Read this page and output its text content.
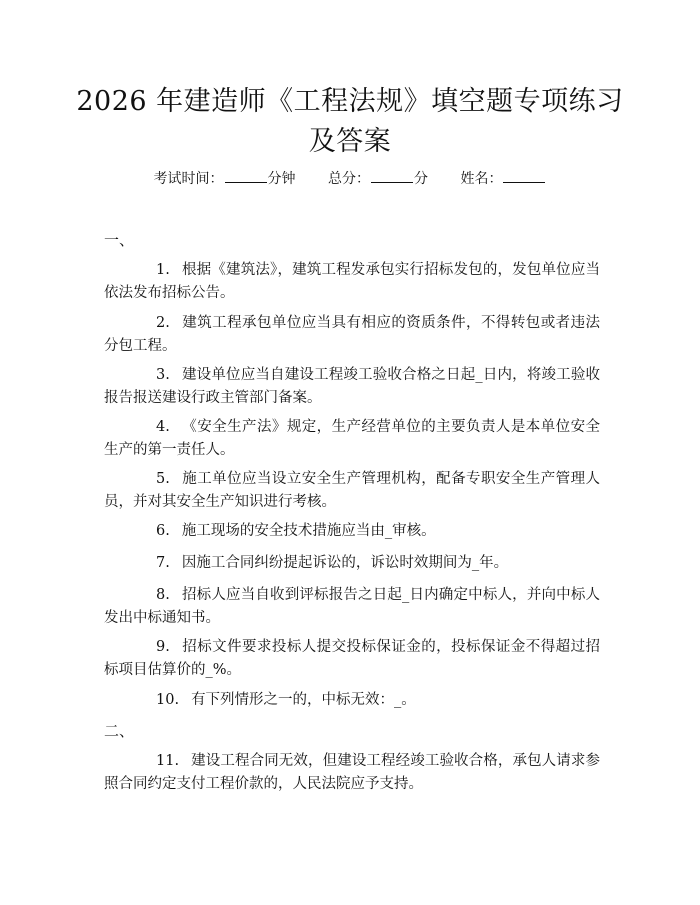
2026 年建造师《工程法规》填空题专项练习及答案
考试时间：	分钟 总分：	分 姓名：
一、

1. 根据《建筑法》，建筑工程发承包实行招标发包的，发包单位应当依法发布招标公告。

2. 建筑工程承包单位应当具有相应的资质条件，不得转包或者违法分包工程。

3. 建设单位应当自建设工程竣工验收合格之日起_日内，将竣工验收报告报送建设行政主管部门备案。

4. 《安全生产法》规定，生产经营单位的主要负责人是本单位安全生产的第一责任人。

5. 施工单位应当设立安全生产管理机构，配备专职安全生产管理人员，并对其安全生产知识进行考核。

6. 施工现场的安全技术措施应当由_审核。

7. 因施工合同纠纷提起诉讼的，诉讼时效期间为_年。

8. 招标人应当自收到评标报告之日起_日内确定中标人，并向中标人发出中标通知书。

9. 招标文件要求投标人提交投标保证金的，投标保证金不得超过招标项目估算价的_%。

10. 有下列情形之一的，中标无效：_。

二、

11. 建设工程合同无效，但建设工程经竣工验收合格，承包人请求参照合同约定支付工程价款的，人民法院应予支持。
